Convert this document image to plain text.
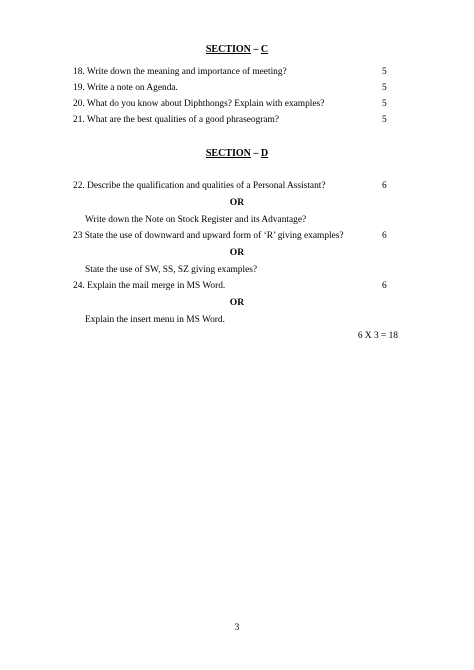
SECTION – C
18. Write down the meaning and importance of meeting?	5
19. Write a note on Agenda.	5
20. What do you know about Diphthongs? Explain with examples?	5
21. What are the best qualities of a good phraseogram?	5
SECTION – D
22. Describe the qualification and qualities of a Personal Assistant?	6
OR
Write down the Note on Stock Register and its Advantage?
23 State the use of downward and upward form of ‘R’ giving examples?	6
OR
State the use of SW, SS, SZ giving examples?
24. Explain the mail merge in MS Word.	6
OR
Explain the insert menu in MS Word.
6 X 3 = 18
3
